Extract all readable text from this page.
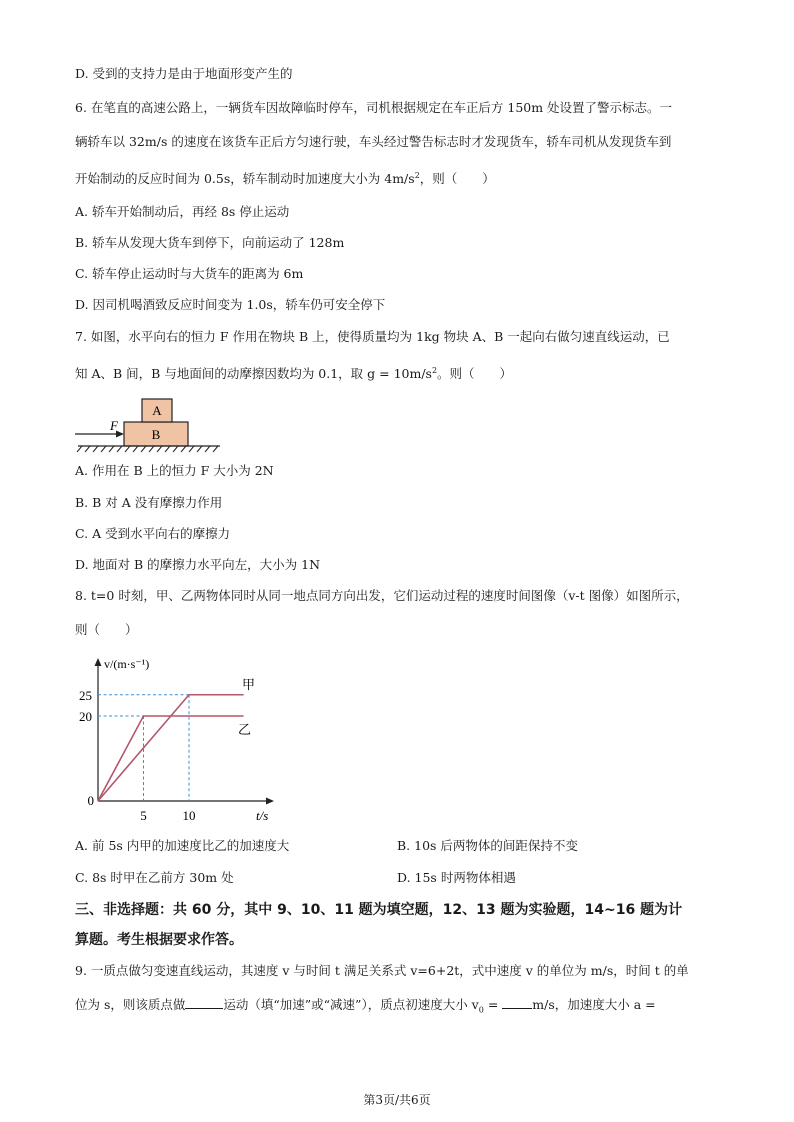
D. 受到的支持力是由于地面形变产生的
6. 在笔直的高速公路上，一辆货车因故障临时停车，司机根据规定在车正后方 150m 处设置了警示标志。一
辆轿车以 32m/s 的速度在该货车正后方匀速行驶，车头经过警告标志时才发现货车，轿车司机从发现货车到
开始制动的反应时间为 0.5s，轿车制动时加速度大小为 $4m/s^2$，则（　　）
A. 轿车开始制动后，再经 8s 停止运动
B. 轿车从发现大货车到停下，向前运动了 128m
C. 轿车停止运动时与大货车的距离为 6m
D. 因司机喝酒致反应时间变为 1.0s，轿车仍可安全停下
7. 如图，水平向右的恒力 F 作用在物块 B 上，使得质量均为 1kg 物块 A、B 一起向右做匀速直线运动，已
知 A、B 间，B 与地面间的动摩擦因数均为 0.1，取 $g = 10m/s^2$。则（　　）
A
B
F
A. 作用在 B 上的恒力 F 大小为 2N
B. B 对 A 没有摩擦力作用
C. A 受到水平向右的摩擦力
D. 地面对 B 的摩擦力水平向左，大小为 1N
8. t=0 时刻，甲、乙两物体同时从同一地点同方向出发，它们运动过程的速度时间图像（v-t 图像）如图所示，
则（　　）
甲
乙
20
25
5	10
0
v/(m·s⁻¹)
t/s
A. 前 5s 内甲的加速度比乙的加速度大	B. 10s 后两物体的间距保持不变
C. 8s 时甲在乙前方 30m 处	D. 15s 时两物体相遇
三、非选择题：共 60 分，其中 9、10、11 题为填空题，12、13 题为实验题，14~16 题为计
算题。考生根据要求作答。
9. 一质点做匀变速直线运动，其速度 v 与时间 t 满足关系式 v=6+2t，式中速度 v 的单位为 m/s，时间 t 的单
位为 s，则该质点做	运动（填“加速”或“减速”），质点初速度大小 $v_0$ =	m/s，加速度大小 a =
第3页/共6页
